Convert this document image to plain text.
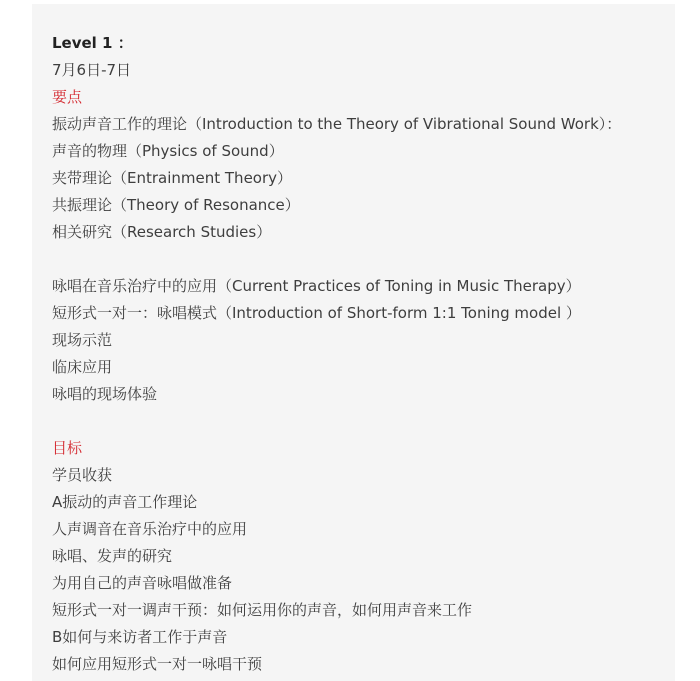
Level 1 ：
7月6日-7日
要点
振动声音工作的理论（Introduction to the Theory of Vibrational Sound Work）：
声音的物理（Physics of Sound）
夹带理论（Entrainment Theory）
共振理论（Theory of Resonance）
相关研究（Research Studies）
咏唱在音乐治疗中的应用（Current Practices of Toning in Music Therapy）
短形式一对一：咏唱模式（Introduction of Short-form 1:1 Toning model ）
现场示范
临床应用
咏唱的现场体验
目标
学员收获
A振动的声音工作理论
人声调音在音乐治疗中的应用
咏唱、发声的研究
为用自己的声音咏唱做准备
短形式一对一调声干预：如何运用你的声音，如何用声音来工作
B如何与来访者工作于声音
如何应用短形式一对一咏唱干预
